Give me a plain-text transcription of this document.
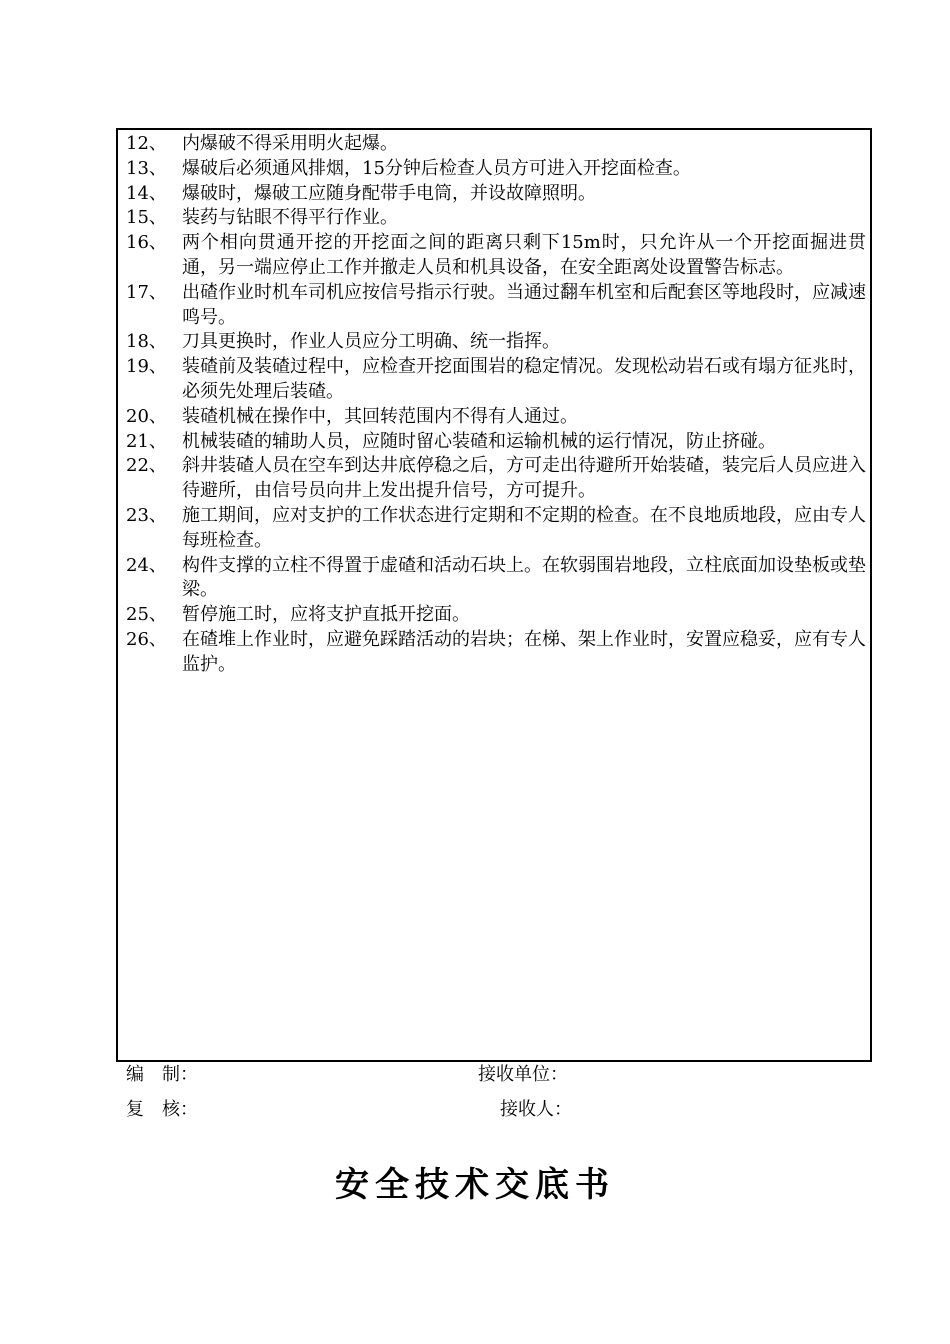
12、 内爆破不得采用明火起爆。
13、 爆破后必须通风排烟，15分钟后检查人员方可进入开挖面检查。
14、 爆破时，爆破工应随身配带手电筒，并设故障照明。
15、 装药与钻眼不得平行作业。
16、 两个相向贯通开挖的开挖面之间的距离只剩下15m时，只允许从一个开挖面掘进贯通，另一端应停止工作并撤走人员和机具设备，在安全距离处设置警告标志。
17、 出碴作业时机车司机应按信号指示行驶。当通过翻车机室和后配套区等地段时，应减速鸣号。
18、 刀具更换时，作业人员应分工明确、统一指挥。
19、 装碴前及装碴过程中，应检查开挖面围岩的稳定情况。发现松动岩石或有塌方征兆时，必须先处理后装碴。
20、 装碴机械在操作中，其回转范围内不得有人通过。
21、 机械装碴的辅助人员，应随时留心装碴和运输机械的运行情况，防止挤碰。
22、 斜井装碴人员在空车到达井底停稳之后，方可走出待避所开始装碴，装完后人员应进入待避所，由信号员向井上发出提升信号，方可提升。
23、 施工期间，应对支护的工作状态进行定期和不定期的检查。在不良地质地段，应由专人每班检查。
24、 构件支撑的立柱不得置于虚碴和活动石块上。在软弱围岩地段，立柱底面加设垫板或垫梁。
25、 暂停施工时，应将支护直抵开挖面。
26、 在碴堆上作业时，应避免踩踏活动的岩块；在梯、架上作业时，安置应稳妥，应有专人监护。
编　制：	接收单位：
复　核：	接收人：
安全技术交底书
